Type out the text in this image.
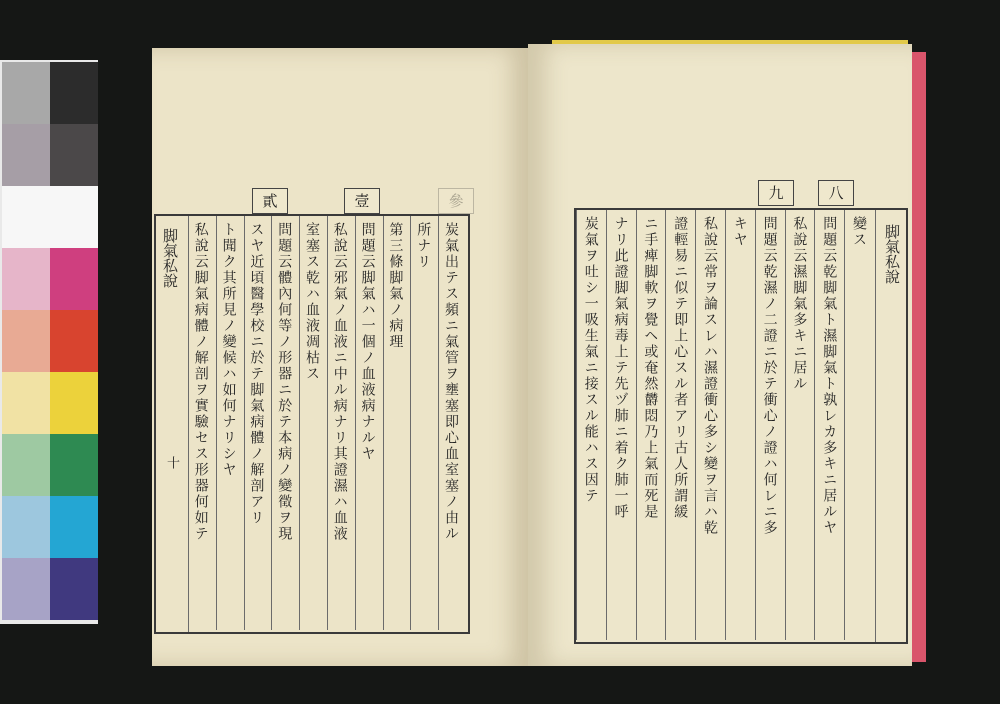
貳	壹	參
脚氣私說
十	炭氣出テス頻ニ氣管ヲ壅塞即心血室塞ノ由ル
所ナリ
第三條脚氣ノ病理
問題云脚氣ハ一個ノ血液病ナルヤ
私說云邪氣ノ血液ニ中ル病ナリ其證濕ハ血液
室塞ス乾ハ血液凋枯ス
問題云體內何等ノ形器ニ於テ本病ノ變徵ヲ現
スヤ近頃醫學校ニ於テ脚氣病體ノ解剖アリ
ト聞ク其所見ノ變候ハ如何ナリシヤ
私說云脚氣病體ノ解剖ヲ實驗セス形器何如テ
九	八
脚氣私說
變ス
問題云乾脚氣ト濕脚氣ト孰レカ多キニ居ルヤ
私說云濕脚氣多キニ居ル
問題云乾濕ノ二證ニ於テ衝心ノ證ハ何レニ多
キヤ
私說云常ヲ論スレハ濕證衝心多シ變ヲ言ハ乾
證輕易ニ似テ即上心スル者アリ古人所謂緩
ニ手痺脚軟ヲ覺ヘ或奄然欝悶乃上氣而死是
ナリ此證脚氣病毒上テ先ヅ肺ニ着ク肺一呼
炭氣ヲ吐シ一吸生氣ニ接スル能ハス因テ
